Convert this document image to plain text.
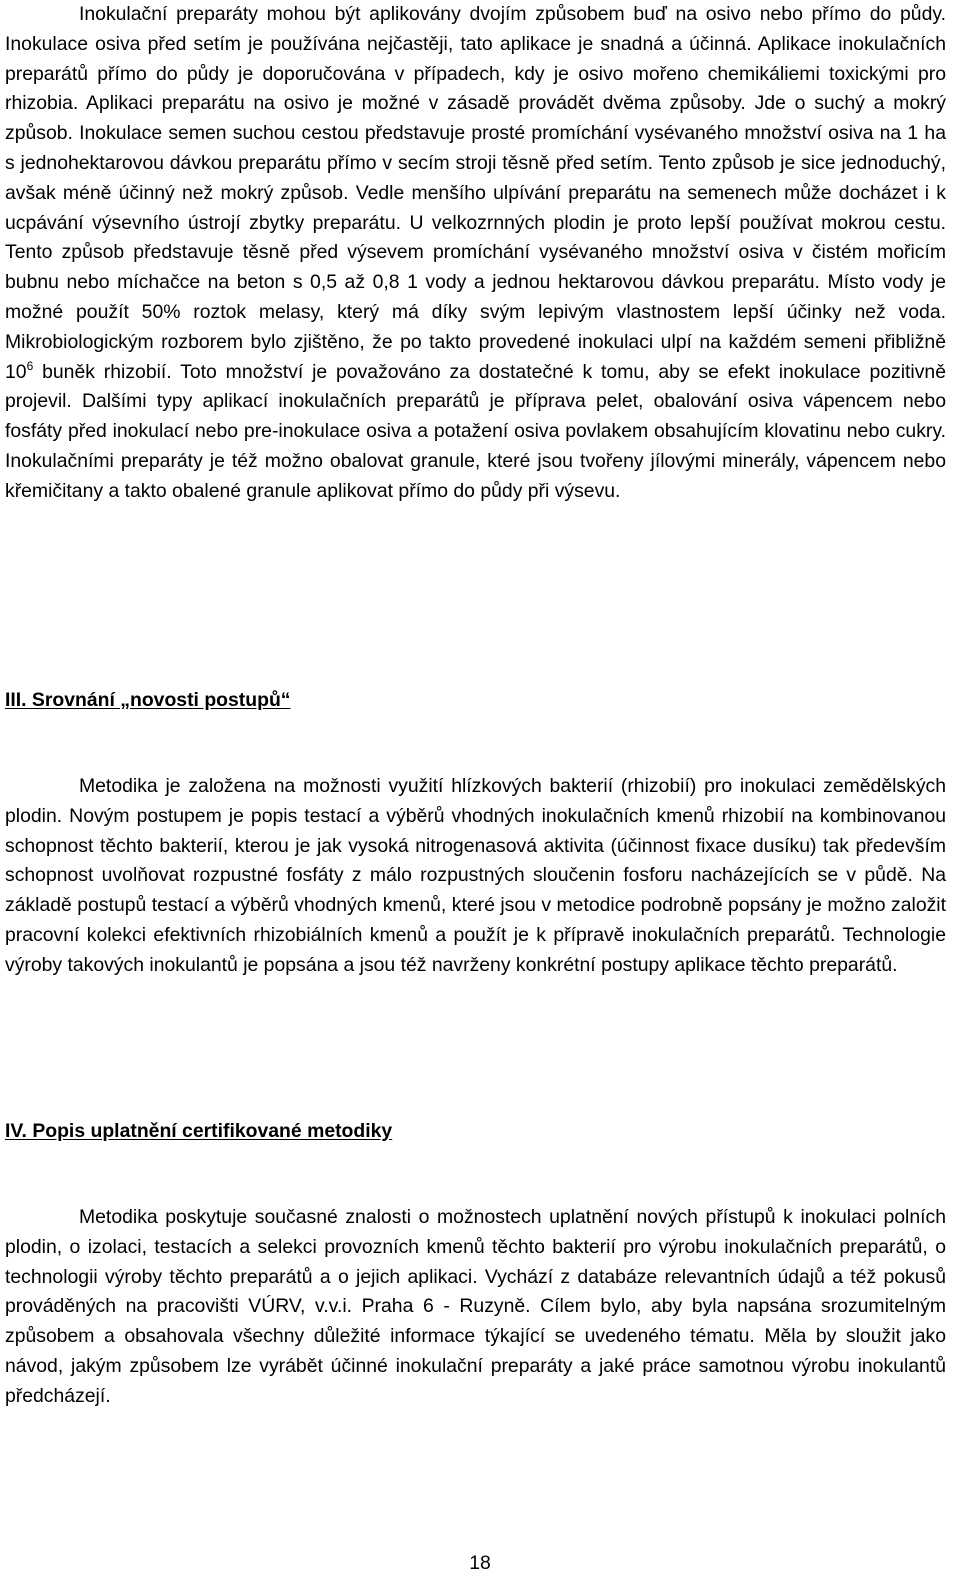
Inokulační preparáty mohou být aplikovány dvojím způsobem buď na osivo nebo přímo do půdy. Inokulace osiva před setím je používána nejčastěji, tato aplikace je snadná a účinná. Aplikace inokulačních preparátů přímo do půdy je doporučována v případech, kdy je osivo mořeno chemikáliemi toxickými pro rhizobia. Aplikaci preparátu na osivo je možné v zásadě provádět dvěma způsoby. Jde o suchý a mokrý způsob. Inokulace semen suchou cestou představuje prosté promíchání vysévaného množství osiva na 1 ha s jednohektarovou dávkou preparátu přímo v secím stroji těsně před setím. Tento způsob je sice jednoduchý, avšak méně účinný než mokrý způsob. Vedle menšího ulpívání preparátu na semenech může docházet i k ucpávání výsevního ústrojí zbytky preparátu. U velkozrnných plodin je proto lepší používat mokrou cestu. Tento způsob představuje těsně před výsevem promíchání vysévaného množství osiva v čistém mořicím bubnu nebo míchačce na beton s 0,5 až 0,8 1 vody a jednou hektarovou dávkou preparátu. Místo vody je možné použít 50% roztok melasy, který má díky svým lepivým vlastnostem lepší účinky než voda. Mikrobiologickým rozborem bylo zjištěno, že po takto provedené inokulaci ulpí na každém semeni přibližně $10^6$ buněk rhizobií. Toto množství je považováno za dostatečné k tomu, aby se efekt inokulace pozitivně projevil. Dalšími typy aplikací inokulačních preparátů je příprava pelet, obalování osiva vápencem nebo fosfáty před inokulací nebo pre-inokulace osiva a potažení osiva povlakem obsahujícím klovatinu nebo cukry. Inokulačními preparáty je též možno obalovat granule, které jsou tvořeny jílovými minerály, vápencem nebo křemičitany a takto obalené granule aplikovat přímo do půdy při výsevu.

III. Srovnání „novosti postupů“

Metodika je založena na možnosti využití hlízkových bakterií (rhizobií) pro inokulaci zemědělských plodin. Novým postupem je popis testací a výběrů vhodných inokulačních kmenů rhizobií na kombinovanou schopnost těchto bakterií, kterou je jak vysoká nitrogenasová aktivita (účinnost fixace dusíku) tak především schopnost uvolňovat rozpustné fosfáty z málo rozpustných sloučenin fosforu nacházejících se v půdě. Na základě postupů testací a výběrů vhodných kmenů, které jsou v metodice podrobně popsány je možno založit pracovní kolekci efektivních rhizobiálních kmenů a použít je k přípravě inokulačních preparátů. Technologie výroby takových inokulantů je popsána a jsou též navrženy konkrétní postupy aplikace těchto preparátů.

IV. Popis uplatnění certifikované metodiky

Metodika poskytuje současné znalosti o možnostech uplatnění nových přístupů k inokulaci polních plodin, o izolaci, testacích a selekci provozních kmenů těchto bakterií pro výrobu inokulačních preparátů, o technologii výroby těchto preparátů a o jejich aplikaci. Vychází z databáze relevantních údajů a též pokusů prováděných na pracovišti VÚRV, v.v.i. Praha 6 - Ruzyně. Cílem bylo, aby byla napsána srozumitelným způsobem a obsahovala všechny důležité informace týkající se uvedeného tématu. Měla by sloužit jako návod, jakým způsobem lze vyrábět účinné inokulační preparáty a jaké práce samotnou výrobu inokulantů předcházejí.

18
